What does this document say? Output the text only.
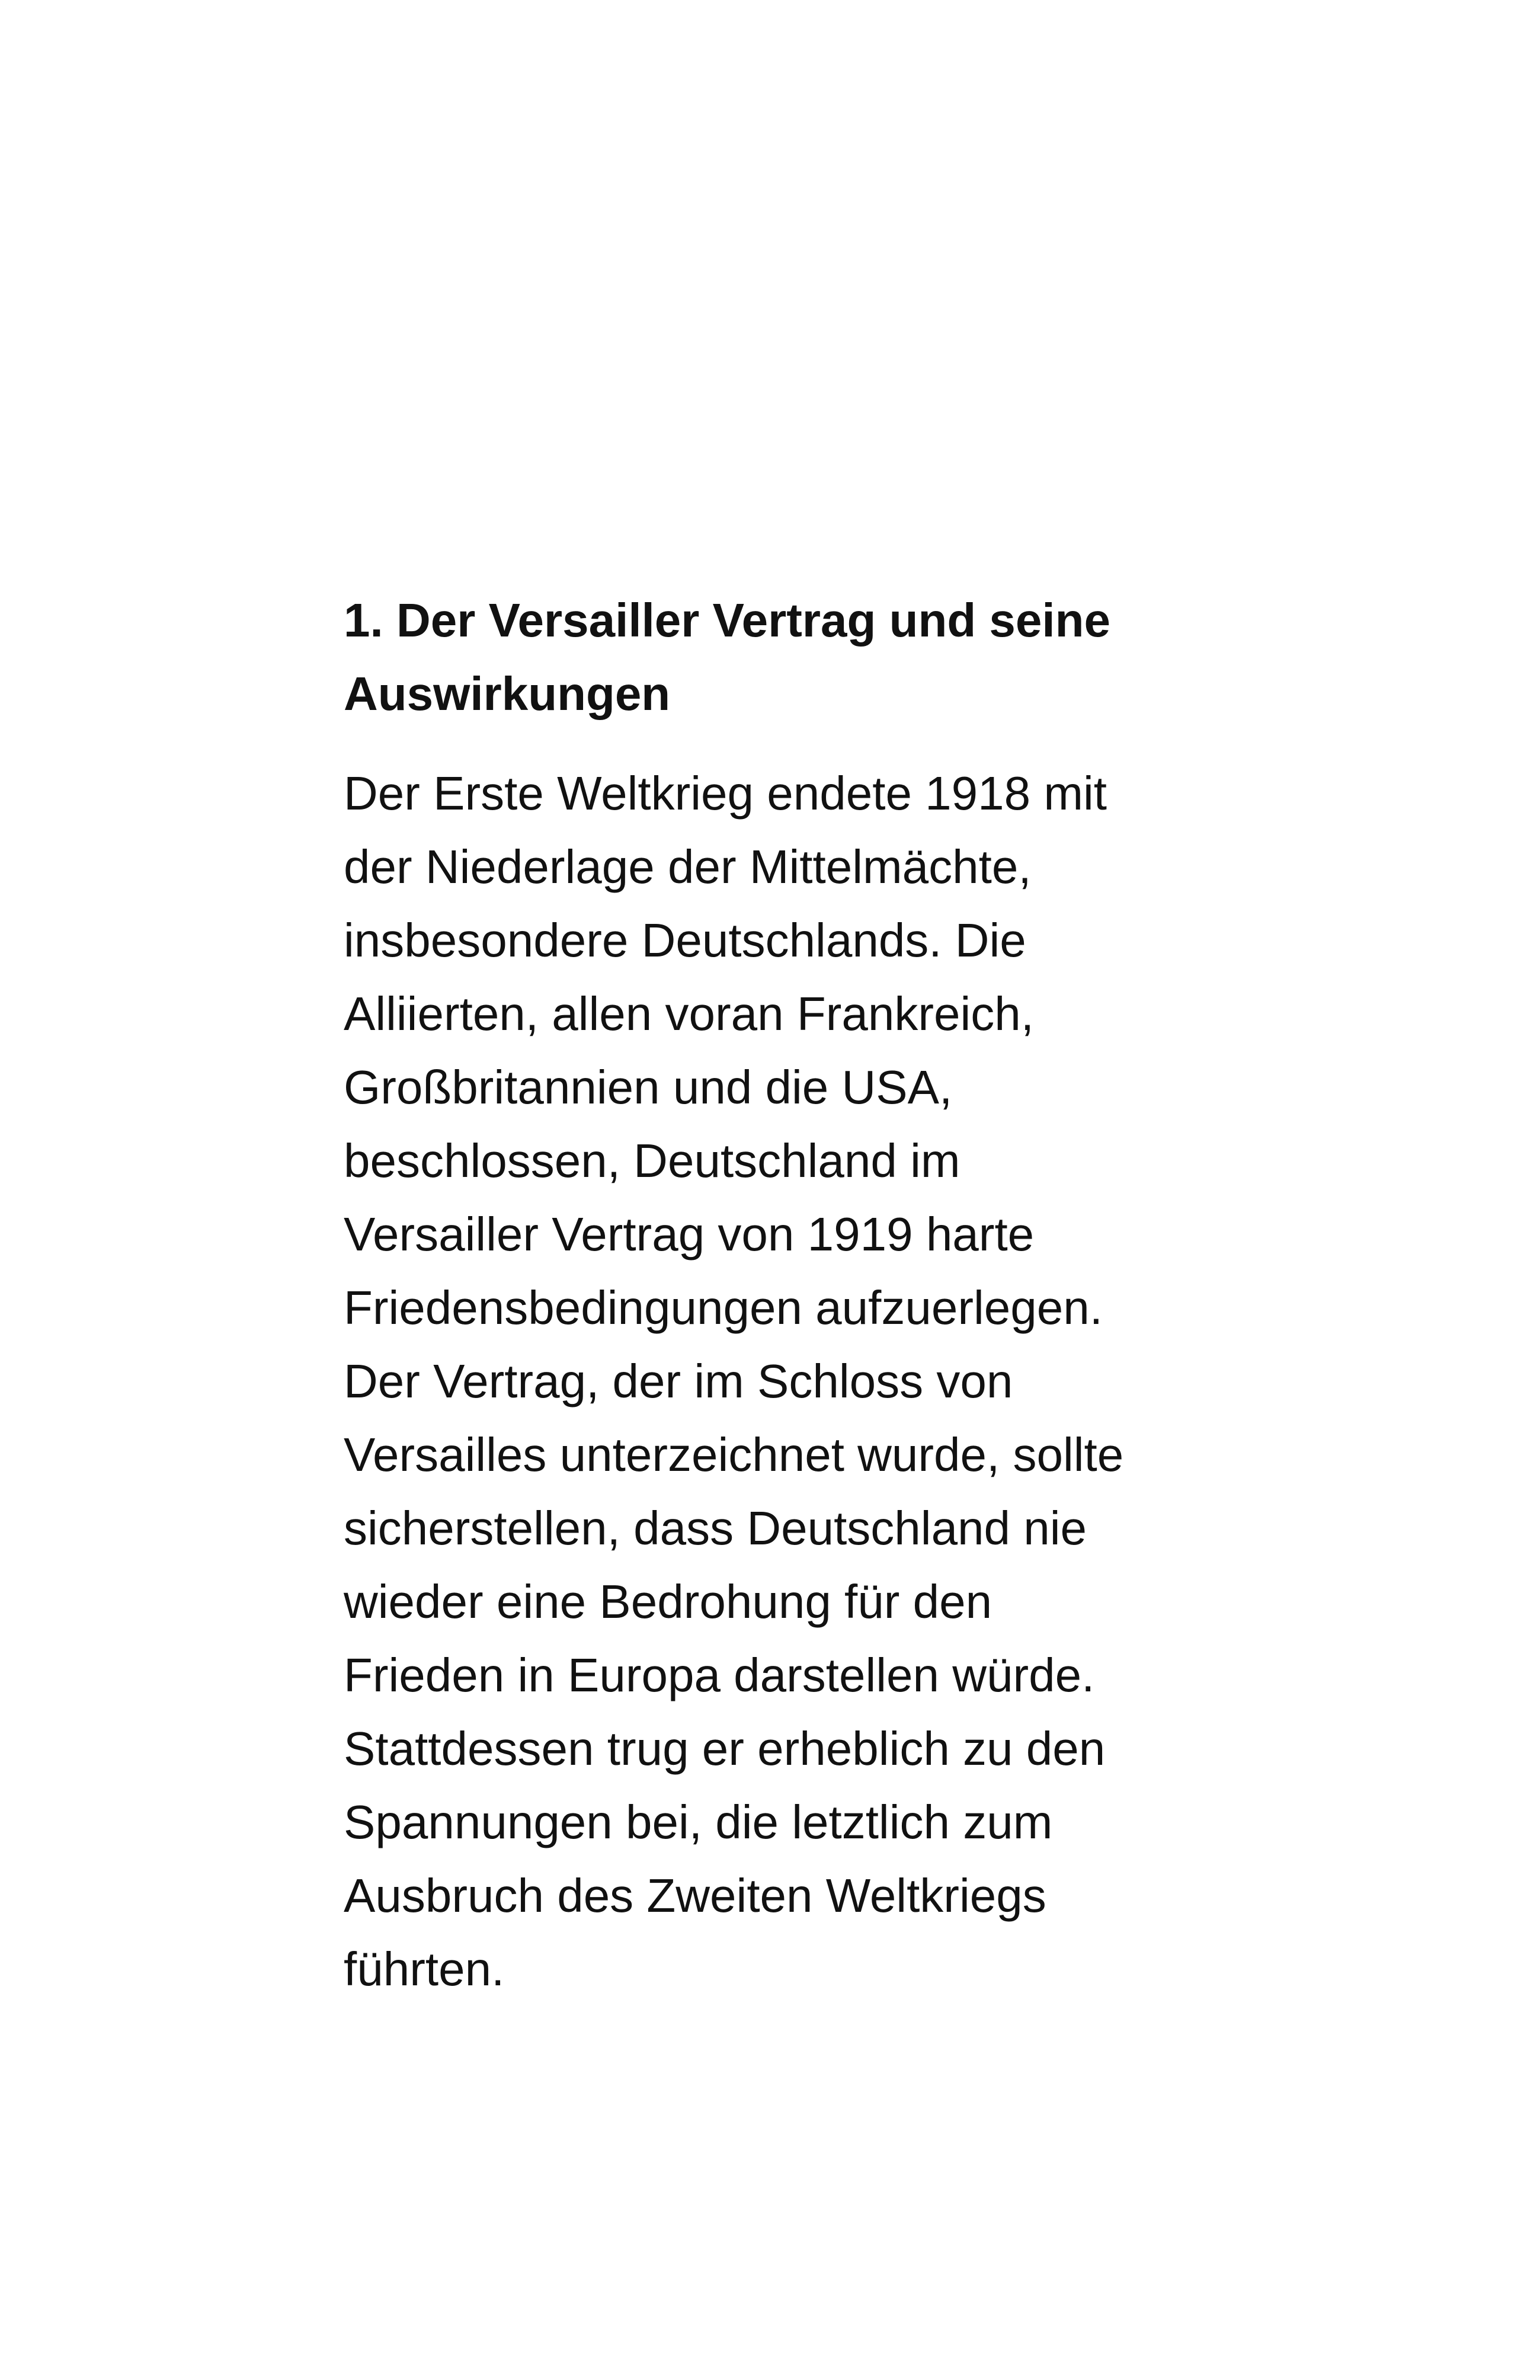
1. Der Versailler Vertrag und seine
Auswirkungen

Der Erste Weltkrieg endete 1918 mit
der Niederlage der Mittelmächte,
insbesondere Deutschlands. Die
Alliierten, allen voran Frankreich,
Großbritannien und die USA,
beschlossen, Deutschland im
Versailler Vertrag von 1919 harte
Friedensbedingungen aufzuerlegen.
Der Vertrag, der im Schloss von
Versailles unterzeichnet wurde, sollte
sicherstellen, dass Deutschland nie
wieder eine Bedrohung für den
Frieden in Europa darstellen würde.
Stattdessen trug er erheblich zu den
Spannungen bei, die letztlich zum
Ausbruch des Zweiten Weltkriegs
führten.
